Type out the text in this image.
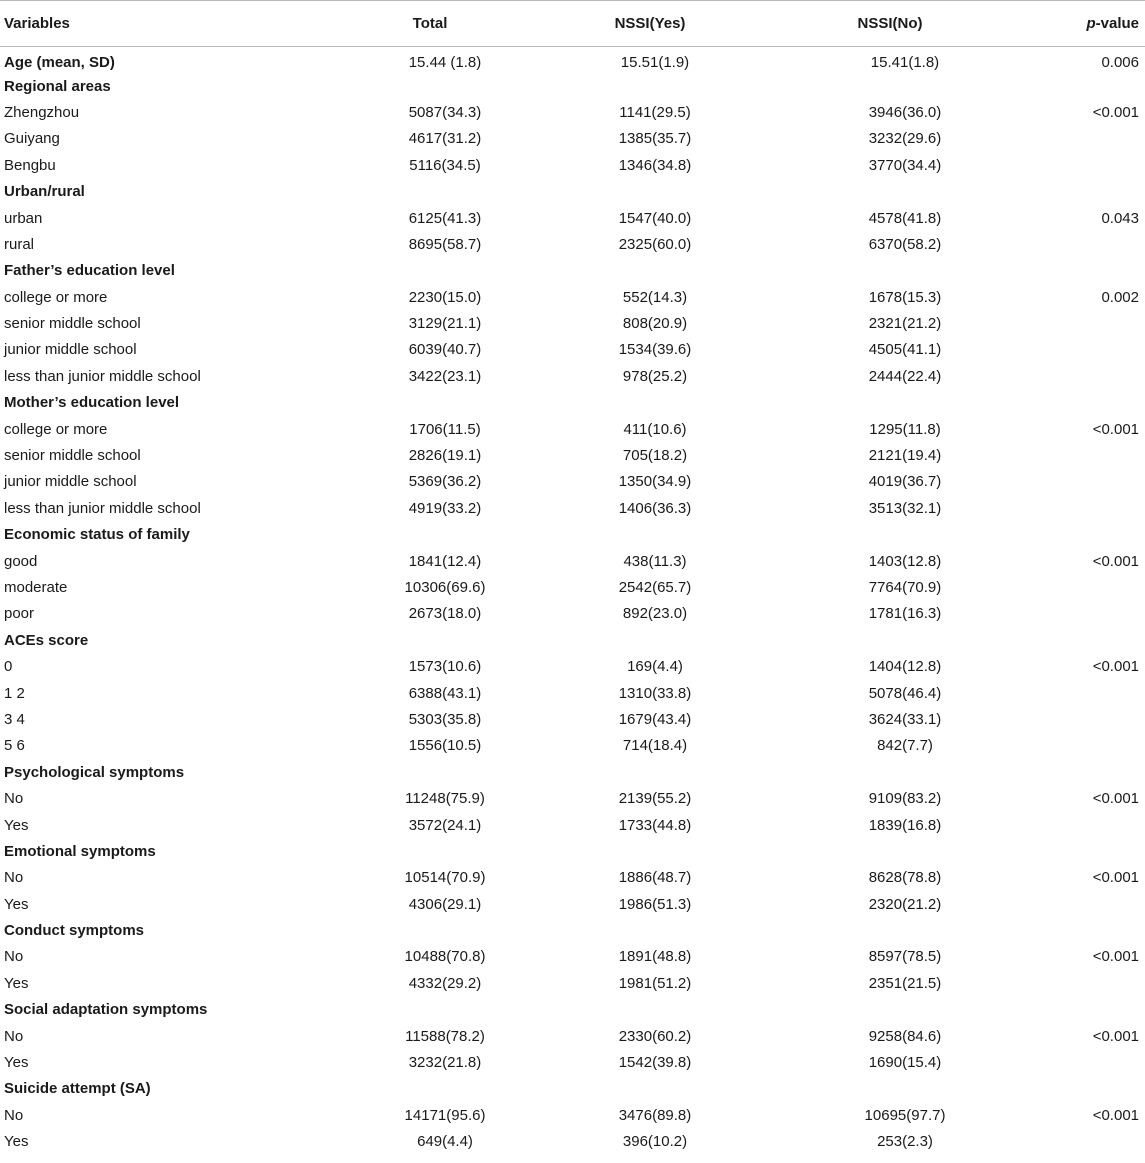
Variables	Total	NSSI(Yes)	NSSI(No)	p-value
Age (mean, SD)	15.44 (1.8)	15.51(1.9)	15.41(1.8)	0.006
Regional areas				
Zhengzhou	5087(34.3)	1141(29.5)	3946(36.0)	<0.001
Guiyang	4617(31.2)	1385(35.7)	3232(29.6)	
Bengbu	5116(34.5)	1346(34.8)	3770(34.4)	
Urban/rural				
urban	6125(41.3)	1547(40.0)	4578(41.8)	0.043
rural	8695(58.7)	2325(60.0)	6370(58.2)	
Father’s education level				
college or more	2230(15.0)	552(14.3)	1678(15.3)	0.002
senior middle school	3129(21.1)	808(20.9)	2321(21.2)	
junior middle school	6039(40.7)	1534(39.6)	4505(41.1)	
less than junior middle school	3422(23.1)	978(25.2)	2444(22.4)	
Mother’s education level				
college or more	1706(11.5)	411(10.6)	1295(11.8)	<0.001
senior middle school	2826(19.1)	705(18.2)	2121(19.4)	
junior middle school	5369(36.2)	1350(34.9)	4019(36.7)	
less than junior middle school	4919(33.2)	1406(36.3)	3513(32.1)	
Economic status of family				
good	1841(12.4)	438(11.3)	1403(12.8)	<0.001
moderate	10306(69.6)	2542(65.7)	7764(70.9)	
poor	2673(18.0)	892(23.0)	1781(16.3)	
ACEs score				
0	1573(10.6)	169(4.4)	1404(12.8)	<0.001
1 2	6388(43.1)	1310(33.8)	5078(46.4)	
3 4	5303(35.8)	1679(43.4)	3624(33.1)	
5 6	1556(10.5)	714(18.4)	842(7.7)	
Psychological symptoms				
No	11248(75.9)	2139(55.2)	9109(83.2)	<0.001
Yes	3572(24.1)	1733(44.8)	1839(16.8)	
Emotional symptoms				
No	10514(70.9)	1886(48.7)	8628(78.8)	<0.001
Yes	4306(29.1)	1986(51.3)	2320(21.2)	
Conduct symptoms				
No	10488(70.8)	1891(48.8)	8597(78.5)	<0.001
Yes	4332(29.2)	1981(51.2)	2351(21.5)	
Social adaptation symptoms				
No	11588(78.2)	2330(60.2)	9258(84.6)	<0.001
Yes	3232(21.8)	1542(39.8)	1690(15.4)	
Suicide attempt (SA)				
No	14171(95.6)	3476(89.8)	10695(97.7)	<0.001
Yes	649(4.4)	396(10.2)	253(2.3)	
